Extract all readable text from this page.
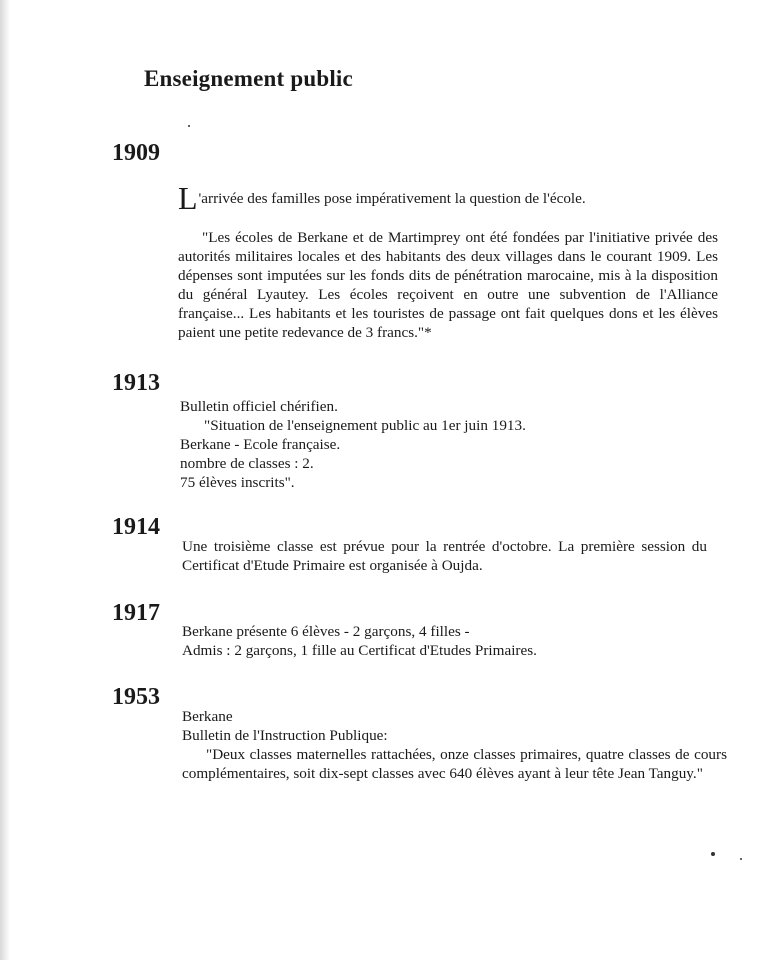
Enseignement public
1909

L'arrivée des familles pose impérativement la question de l'école.

"Les écoles de Berkane et de Martimprey ont été fondées par l'initiative privée des autorités militaires locales et des habitants des deux villages dans le courant 1909. Les dépenses sont imputées sur les fonds dits de pénétration marocaine, mis à la disposition du général Lyautey. Les écoles reçoivent en outre une subvention de l'Alliance française... Les habitants et les touristes de passage ont fait quelques dons et les élèves paient une petite redevance de 3 francs."*

1913

Bulletin officiel chérifien.

"Situation de l'enseignement public au 1er juin 1913.

Berkane - Ecole française.

nombre de classes : 2.

75 élèves inscrits".

1914

Une troisième classe est prévue pour la rentrée d'octobre. La première session du Certificat d'Etude Primaire est organisée à Oujda.

1917

Berkane présente 6 élèves - 2 garçons, 4 filles -

Admis : 2 garçons, 1 fille au Certificat d'Etudes Primaires.

1953

Berkane

Bulletin de l'Instruction Publique:

"Deux classes maternelles rattachées, onze classes primaires, quatre classes de cours complémentaires, soit dix-sept classes avec 640 élèves ayant à leur tête Jean Tanguy."
